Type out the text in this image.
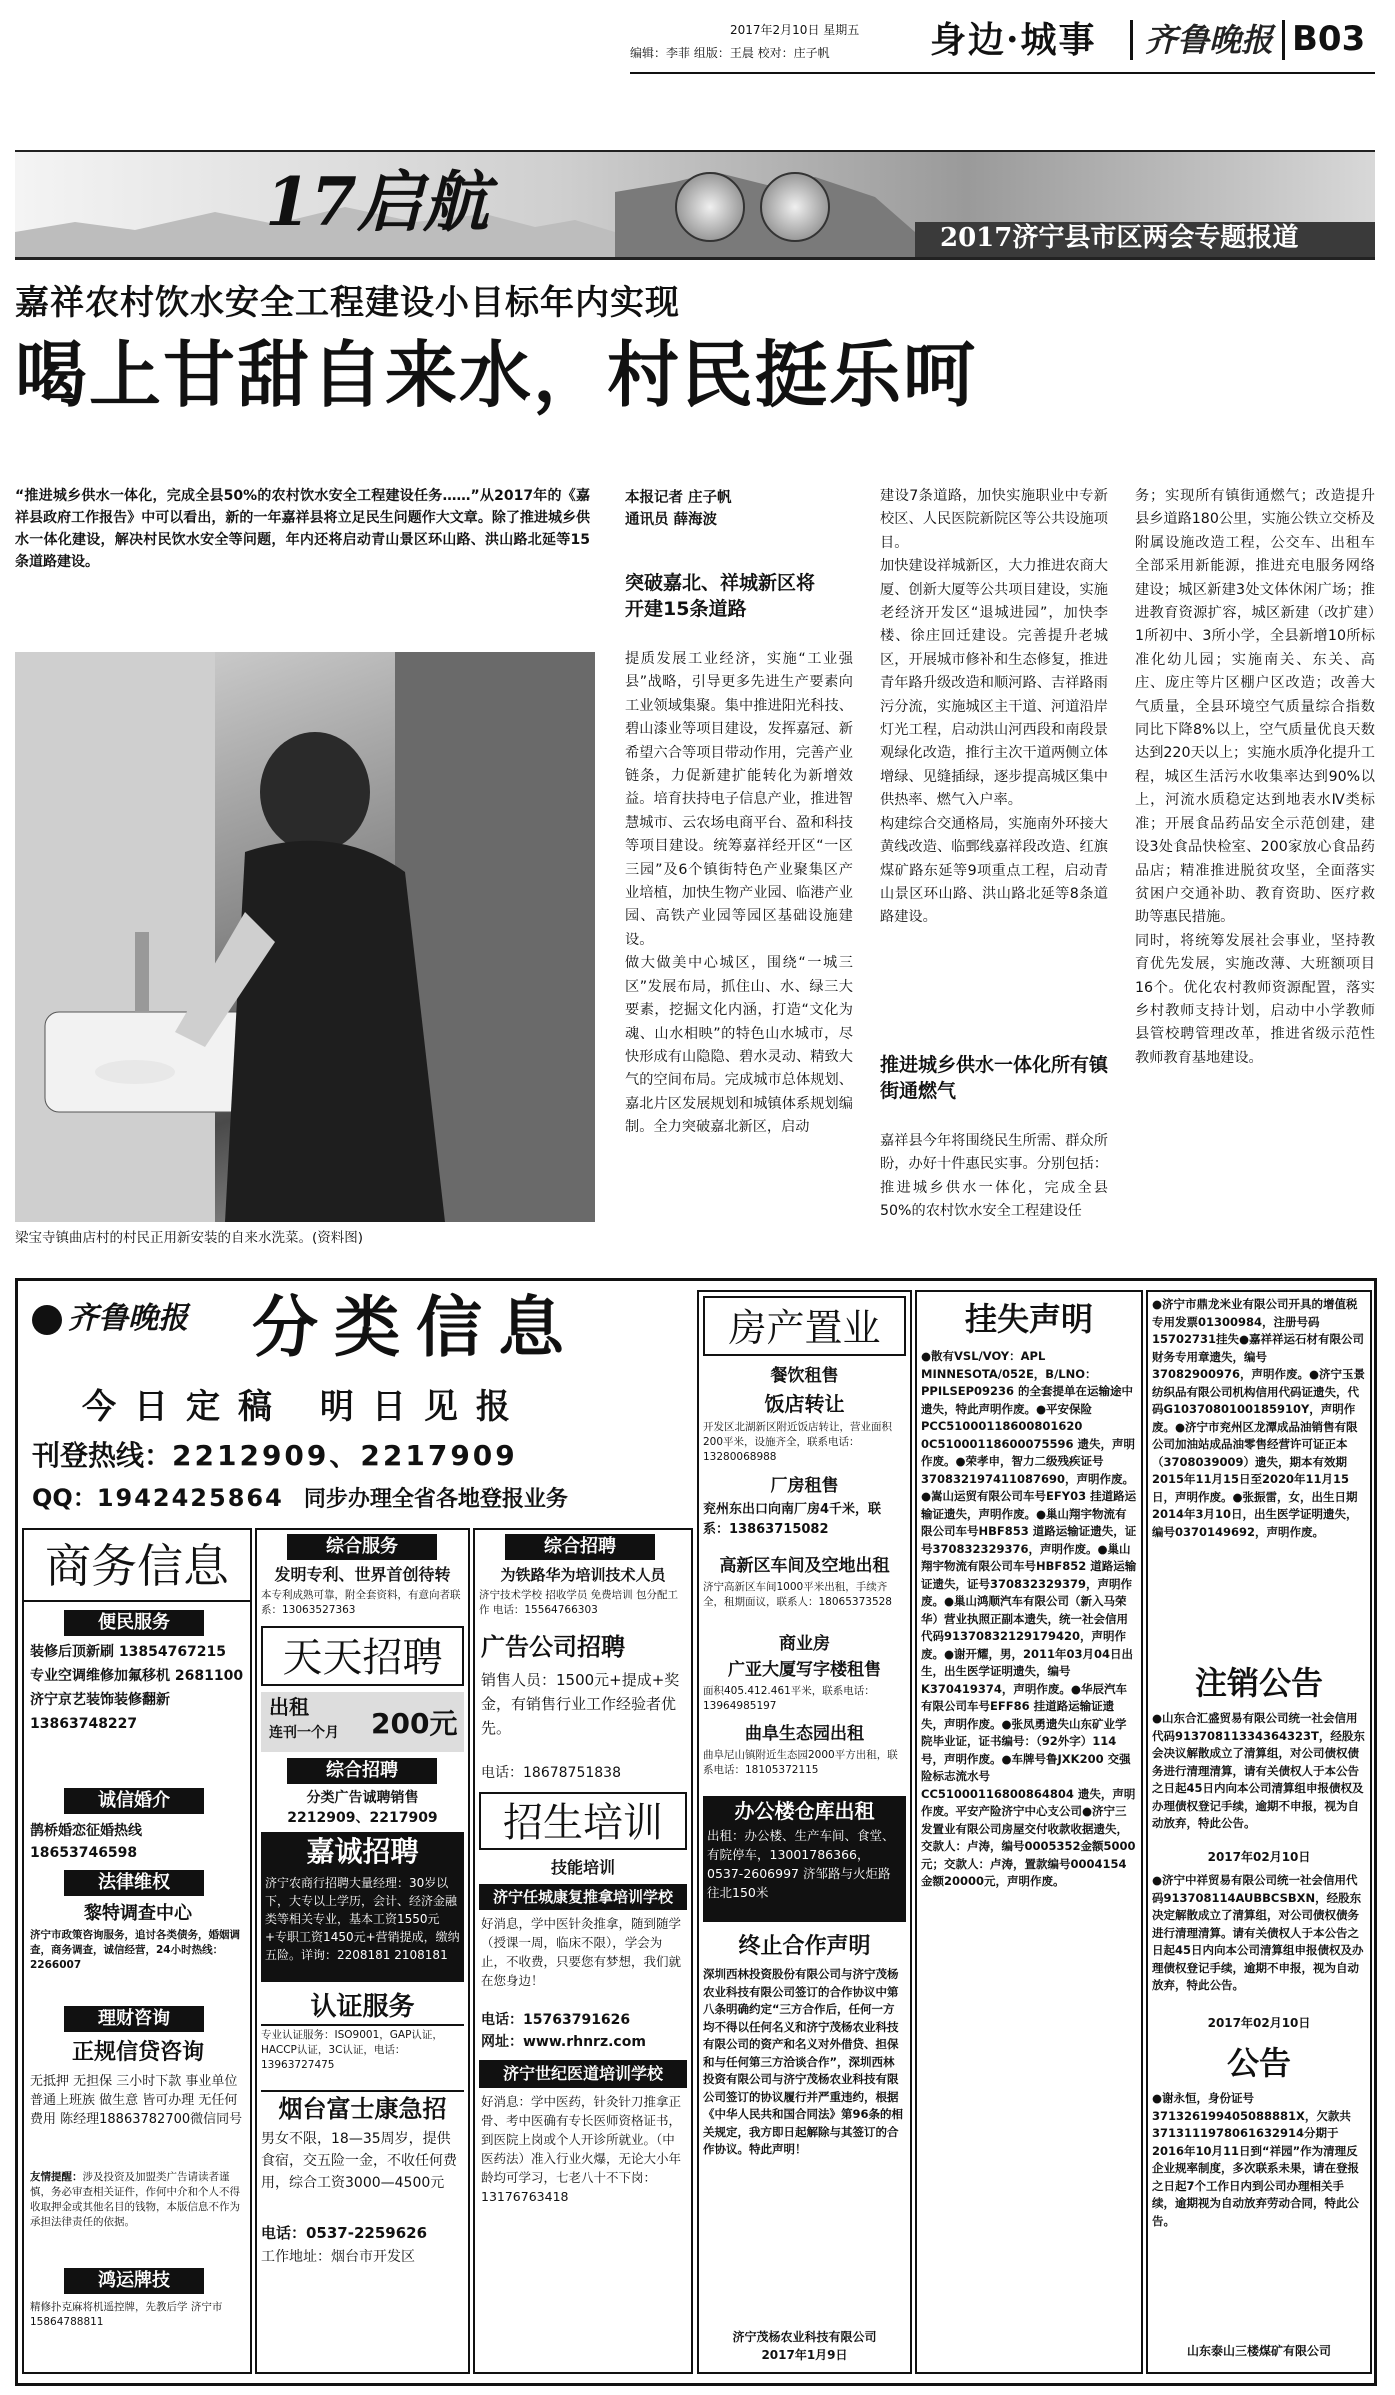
2017年2月10日 星期五
编辑：李菲 组版：王晨 校对：庄子帆	身边·城事 齐鲁晚报 B03
17启航	2017济宁县市区两会专题报道
嘉祥农村饮水安全工程建设小目标年内实现
喝上甘甜自来水，村民挺乐呵
“推进城乡供水一体化，完成全县50%的农村饮水安全工程建设任务……”从2017年的《嘉祥县政府工作报告》中可以看出，新的一年嘉祥县将立足民生问题作大文章。除了推进城乡供水一体化建设，解决村民饮水安全等问题，年内还将启动青山景区环山路、洪山路北延等15条道路建设。
梁宝寺镇曲店村的村民正用新安装的自来水洗菜。(资料图)
本报记者 庄子帆
通讯员 薛海波
突破嘉北、祥城新区将开建15条道路
提质发展工业经济，实施“工业强县”战略，引导更多先进生产要素向工业领域集聚。集中推进阳光科技、碧山漆业等项目建设，发挥嘉冠、新希望六合等项目带动作用，完善产业链条，力促新建扩能转化为新增效益。培育扶持电子信息产业，推进智慧城市、云农场电商平台、盈和科技等项目建设。统筹嘉祥经开区“一区三园”及6个镇街特色产业聚集区产业培植，加快生物产业园、临港产业园、高铁产业园等园区基础设施建设。
做大做美中心城区，围绕“一城三区”发展布局，抓住山、水、绿三大要素，挖掘文化内涵，打造“文化为魂、山水相映”的特色山水城市，尽快形成有山隐隐、碧水灵动、精致大气的空间布局。完成城市总体规划、嘉北片区发展规划和城镇体系规划编制。全力突破嘉北新区，启动
建设7条道路，加快实施职业中专新校区、人民医院新院区等公共设施项目。
加快建设祥城新区，大力推进农商大厦、创新大厦等公共项目建设，实施老经济开发区“退城进园”，加快李楼、徐庄回迁建设。完善提升老城区，开展城市修补和生态修复，推进青年路升级改造和顺河路、吉祥路雨污分流，实施城区主干道、河道沿岸灯光工程，启动洪山河西段和南段景观绿化改造，推行主次干道两侧立体增绿、见缝插绿，逐步提高城区集中供热率、燃气入户率。
构建综合交通格局，实施南外环接大黄线改造、临鄄线嘉祥段改造、红旗煤矿路东延等9项重点工程，启动青山景区环山路、洪山路北延等8条道路建设。
推进城乡供水一体化所有镇街通燃气
嘉祥县今年将围绕民生所需、群众所盼，办好十件惠民实事。分别包括：推进城乡供水一体化，完成全县50%的农村饮水安全工程建设任
务；实现所有镇街通燃气；改造提升县乡道路180公里，实施公铁立交桥及附属设施改造工程，公交车、出租车全部采用新能源，推进充电服务网络建设；城区新建3处文体休闲广场；推进教育资源扩容，城区新建（改扩建）1所初中、3所小学，全县新增10所标准化幼儿园；实施南关、东关、高庄、庞庄等片区棚户区改造；改善大气质量，全县环境空气质量综合指数同比下降8%以上，空气质量优良天数达到220天以上；实施水质净化提升工程，城区生活污水收集率达到90%以上，河流水质稳定达到地表水Ⅳ类标准；开展食品药品安全示范创建，建设3处食品快检室、200家放心食品药品店；精准推进脱贫攻坚，全面落实贫困户交通补助、教育资助、医疗救助等惠民措施。
同时，将统筹发展社会事业，坚持教育优先发展，实施改薄、大班额项目16个。优化农村教师资源配置，落实乡村教师支持计划，启动中小学教师县管校聘管理改革，推进省级示范性教师教育基地建设。
齐鲁晚报 分类信息
今日定稿 明日见报
刊登热线：2212909、2217909
QQ：1942425864 同步办理全省各地登报业务
商务信息
便民服务
装修后顶新刷 13854767215
专业空调维修加氟移机 2681100
济宁京艺装饰装修翻新 13863748227
诚信婚介
鹊桥婚恋征婚热线 18653746598
法律维权
黎特调查中心
济宁市政策咨询服务，追讨各类债务，婚姻调查，商务调查，诚信经营，24小时热线：2266007
理财咨询
正规信贷咨询
无抵押 无担保 三小时下款 事业单位 普通上班族 做生意 皆可办理 无任何费用 陈经理18863782700微信同号
友情提醒：涉及投资及加盟类广告请读者谨慎，务必审查相关证件，作何中介和个人不得收取押金或其他名目的钱物，本版信息不作为承担法律责任的依据。
鸿运牌技
精修扑克麻将机遥控牌，先教后学 济宁市 15864788811
综合服务
发明专利、世界首创待转
本专利成熟可靠，附全套资料，有意向者联系：13063527363
天天招聘
出租
连刊一个月 200元
综合招聘
分类广告诚聘销售
2212909、2217909
嘉诚招聘
济宁农商行招聘大量经理：30岁以下，大专以上学历，会计、经济金融类等相关专业，基本工资1550元+专职工资1450元+营销提成，缴纳五险。详询：2208181 2108181
认证服务
专业认证服务：ISO9001，GAP认证，HACCP认证，3C认证，电话：13963727475
烟台富士康急招
男女不限，18—35周岁，提供食宿，交五险一金，不收任何费用，综合工资3000—4500元
电话：0537-2259626
工作地址：烟台市开发区
综合招聘
为铁路华为培训技术人员
济宁技术学校 招收学员 免费培训 包分配工作 电话：15564766303
广告公司招聘
销售人员：1500元+提成+奖金，有销售行业工作经验者优先。
电话：18678751838
招生培训
技能培训
济宁任城康复推拿培训学校
好消息，学中医针灸推拿，随到随学（授课一周，临床不限），学会为止，不收费，只要您有梦想，我们就在您身边！
电话：15763791626
网址：www.rhnrz.com
济宁世纪医道培训学校
好消息：学中医药，针灸针刀推拿正骨、考中医确有专长医师资格证书，到医院上岗或个人开诊所就业。（中医药法）准入行业火爆，无论大小年龄均可学习，七老八十不下岗：13176763418
房产置业
餐饮租售
饭店转让
开发区北湖新区附近饭店转让，营业面积200平米，设施齐全，联系电话：13280068988
厂房租售
兖州东出口向南厂房4千米，联系：13863715082
高新区车间及空地出租
济宁高新区车间1000平米出租，手续齐全，租期面议，联系人：18065373528
商业房
广亚大厦写字楼租售
面积405.412.461平米，联系电话：13964985197
曲阜生态园出租
曲阜尼山镇附近生态园2000平方出租，联系电话：18105372115
办公楼仓库出租
出租：办公楼、生产车间、食堂、有院停车，13001786366，0537-2606997 济邹路与火炬路往北150米
终止合作声明
深圳西林投资股份有限公司与济宁茂杨农业科技有限公司签订的合作协议中第八条明确约定“三方合作后，任何一方均不得以任何名义和济宁茂杨农业科技有限公司的资产和名义对外借贷、担保和与任何第三方洽谈合作”，深圳西林投资有限公司与济宁茂杨农业科技有限公司签订的协议履行并严重违约，根据《中华人民共和国合同法》第96条的相关规定，我方即日起解除与其签订的合作协议。特此声明！
济宁茂杨农业科技有限公司
2017年1月9日
挂失声明
●散有VSL/VOY：APL MINNESOTA/052E，B/LNO：PPILSEP09236 的全套提单在运输途中遗失，特此声明作废。●平安保险 PCC51000118600801620 0C51000118600075596 遗失，声明作废。●荣孝申，智力二级残疾证号 370832197411087690，声明作废。●嵩山运贸有限公司车号EFY03 挂道路运输证遗失，声明作废。●巢山翔宇物流有限公司车号HBF853 道路运输证遗失，证号370832329376，声明作废。●巢山翔宇物流有限公司车号HBF852 道路运输证遗失，证号370832329379，声明作废。●巢山鸿顺汽车有限公司（新入马荣华）营业执照正副本遗失，统一社会信用代码91370832129179420，声明作废。●谢开耀，男，2011年03月04日出生，出生医学证明遗失，编号K370419374，声明作废。●华辰汽车有限公司车号EFF86 挂道路运输证遗失，声明作废。●张凤勇遗失山东矿业学院毕业证，证书编号：（92外字）114号，声明作废。●车牌号鲁JXK200 交强险标志流水号CC51000116800864804 遗失，声明作废。平安产险济宁中心支公司●济宁三发置业有限公司房屋交付收款收据遗失，交款人：卢涛，编号0005352金额5000元；交款人：卢涛，置款编号0004154金额20000元，声明作废。
●济宁市鼎龙米业有限公司开具的增值税专用发票01300984，注册号码15702731挂失●嘉祥祥运石材有限公司财务专用章遗失，编号37082900976，声明作废。●济宁玉景纺织品有限公司机构信用代码证遗失，代码G1037080100185910Y，声明作废。●济宁市兖州区龙潭成品油销售有限公司加油站成品油零售经营许可证正本（3708039009）遗失，期本有效期2015年11月15日至2020年11月15日，声明作废。●张振雷，女，出生日期2014年3月10日，出生医学证明遗失，编号0370149692，声明作废。
注销公告
●山东合汇盛贸易有限公司统一社会信用代码91370811334364323T，经股东会决议解散成立了清算组，对公司债权债务进行清理清算，请有关债权人于本公告之日起45日内向本公司清算组申报债权及办理债权登记手续，逾期不申报，视为自动放弃，特此公告。
2017年02月10日
●济宁中祥贸易有限公司统一社会信用代码913708114AUBBCSBXN，经股东决定解散成立了清算组，对公司债权债务进行清理清算。请有关债权人于本公告之日起45日内向本公司清算组申报债权及办理债权登记手续，逾期不申报，视为自动放弃，特此公告。
2017年02月10日
公告
●谢永恒，身份证号371326199405088881X，欠款共3713111978061632914分期于2016年10月11日到“祥园”作为清理反企业规率制度，多次联系未果，请在登报之日起7个工作日内到公司办理相关手续，逾期视为自动放弃劳动合同，特此公告。
山东泰山三楼煤矿有限公司
